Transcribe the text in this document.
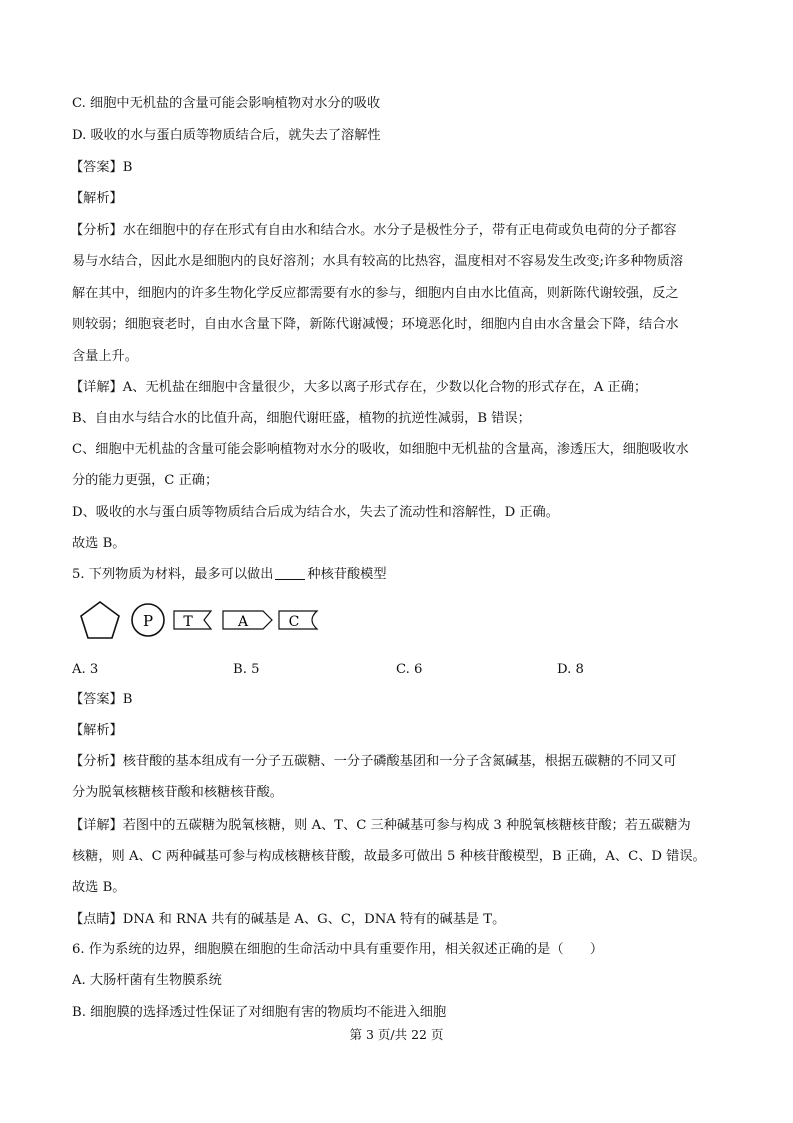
C. 细胞中无机盐的含量可能会影响植物对水分的吸收
D. 吸收的水与蛋白质等物质结合后，就失去了溶解性
【答案】B
【解析】
【分析】水在细胞中的存在形式有自由水和结合水。水分子是极性分子，带有正电荷或负电荷的分子都容
易与水结合，因此水是细胞内的良好溶剂；水具有较高的比热容，温度相对不容易发生改变;许多种物质溶
解在其中，细胞内的许多生物化学反应都需要有水的参与，细胞内自由水比值高，则新陈代谢较强，反之
则较弱；细胞衰老时，自由水含量下降，新陈代谢减慢；环境恶化时，细胞内自由水含量会下降，结合水
含量上升。
【详解】A、无机盐在细胞中含量很少，大多以离子形式存在，少数以化合物的形式存在，A 正确；
B、自由水与结合水的比值升高，细胞代谢旺盛，植物的抗逆性减弱，B 错误；
C、细胞中无机盐的含量可能会影响植物对水分的吸收，如细胞中无机盐的含量高，渗透压大，细胞吸收水
分的能力更强，C 正确；
D、吸收的水与蛋白质等物质结合后成为结合水，失去了流动性和溶解性，D 正确。
故选 B。
5. 下列物质为材料，最多可以做出	种核苷酸模型
P T	A	C
A. 3	B. 5	C. 6	D. 8
【答案】B
【解析】
【分析】核苷酸的基本组成有一分子五碳糖、一分子磷酸基团和一分子含氮碱基，根据五碳糖的不同又可
分为脱氧核糖核苷酸和核糖核苷酸。
【详解】若图中的五碳糖为脱氧核糖，则 A、T、C 三种碱基可参与构成 3 种脱氧核糖核苷酸；若五碳糖为
核糖，则 A、C 两种碱基可参与构成核糖核苷酸，故最多可做出 5 种核苷酸模型，B 正确，A、C、D 错误。
故选 B。
【点睛】DNA 和 RNA 共有的碱基是 A、G、C，DNA 特有的碱基是 T。
6. 作为系统的边界，细胞膜在细胞的生命活动中具有重要作用，相关叙述正确的是（　　）
A. 大肠杆菌有生物膜系统
B. 细胞膜的选择透过性保证了对细胞有害的物质均不能进入细胞
第 3 页/共 22 页
